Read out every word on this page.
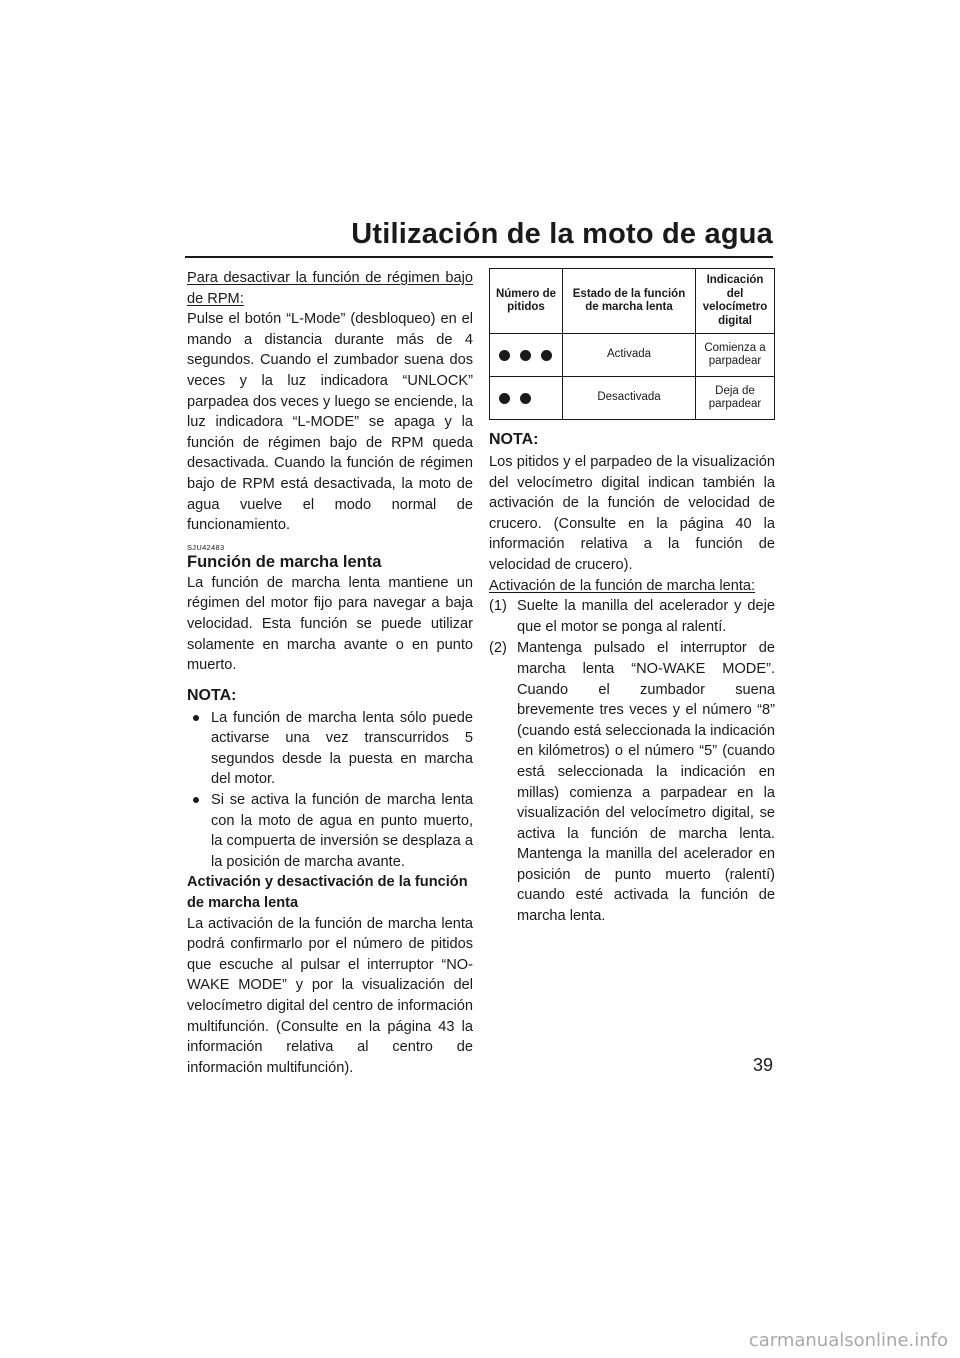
Utilización de la moto de agua

Para desactivar la función de régimen bajo de RPM:

Pulse el botón “L-Mode” (desbloqueo) en el mando a distancia durante más de 4 segundos. Cuando el zumbador suena dos veces y la luz indicadora “UNLOCK” parpadea dos veces y luego se enciende, la luz indicadora “L-MODE” se apaga y la función de régimen bajo de RPM queda desactivada. Cuando la función de régimen bajo de RPM está desactivada, la moto de agua vuelve el modo normal de funcionamiento.

SJU42483
Función de marcha lenta

La función de marcha lenta mantiene un régimen del motor fijo para navegar a baja velocidad. Esta función se puede utilizar solamente en marcha avante o en punto muerto.

NOTA:
La función de marcha lenta sólo puede activarse una vez transcurridos 5 segundos desde la puesta en marcha del motor.
Si se activa la función de marcha lenta con la moto de agua en punto muerto, la compuerta de inversión se desplaza a la posición de marcha avante.

Activación y desactivación de la función de marcha lenta

La activación de la función de marcha lenta podrá confirmarlo por el número de pitidos que escuche al pulsar el interruptor “NO-WAKE MODE” y por la visualización del velocímetro digital del centro de información multifunción. (Consulte en la página 43 la información relativa al centro de información multifunción).

Número de pitidos	Estado de la función de marcha lenta	Indicación del velocímetro digital

	Activada	Comienza a parpadear

	Desactivada	Deja de parpadear
NOTA:

Los pitidos y el parpadeo de la visualización del velocímetro digital indican también la activación de la función de velocidad de crucero. (Consulte en la página 40 la información relativa a la función de velocidad de crucero).

Activación de la función de marcha lenta:

(1) Suelte la manilla del acelerador y deje que el motor se ponga al ralentí.
(2) Mantenga pulsado el interruptor de marcha lenta “NO-WAKE MODE”. Cuando el zumbador suena brevemente tres veces y el número “8” (cuando está seleccionada la indicación en kilómetros) o el número “5” (cuando está seleccionada la indicación en millas) comienza a parpadear en la visualización del velocímetro digital, se activa la función de marcha lenta. Mantenga la manilla del acelerador en posición de punto muerto (ralentí) cuando esté activada la función de marcha lenta.
39
carmanualsonline.info
